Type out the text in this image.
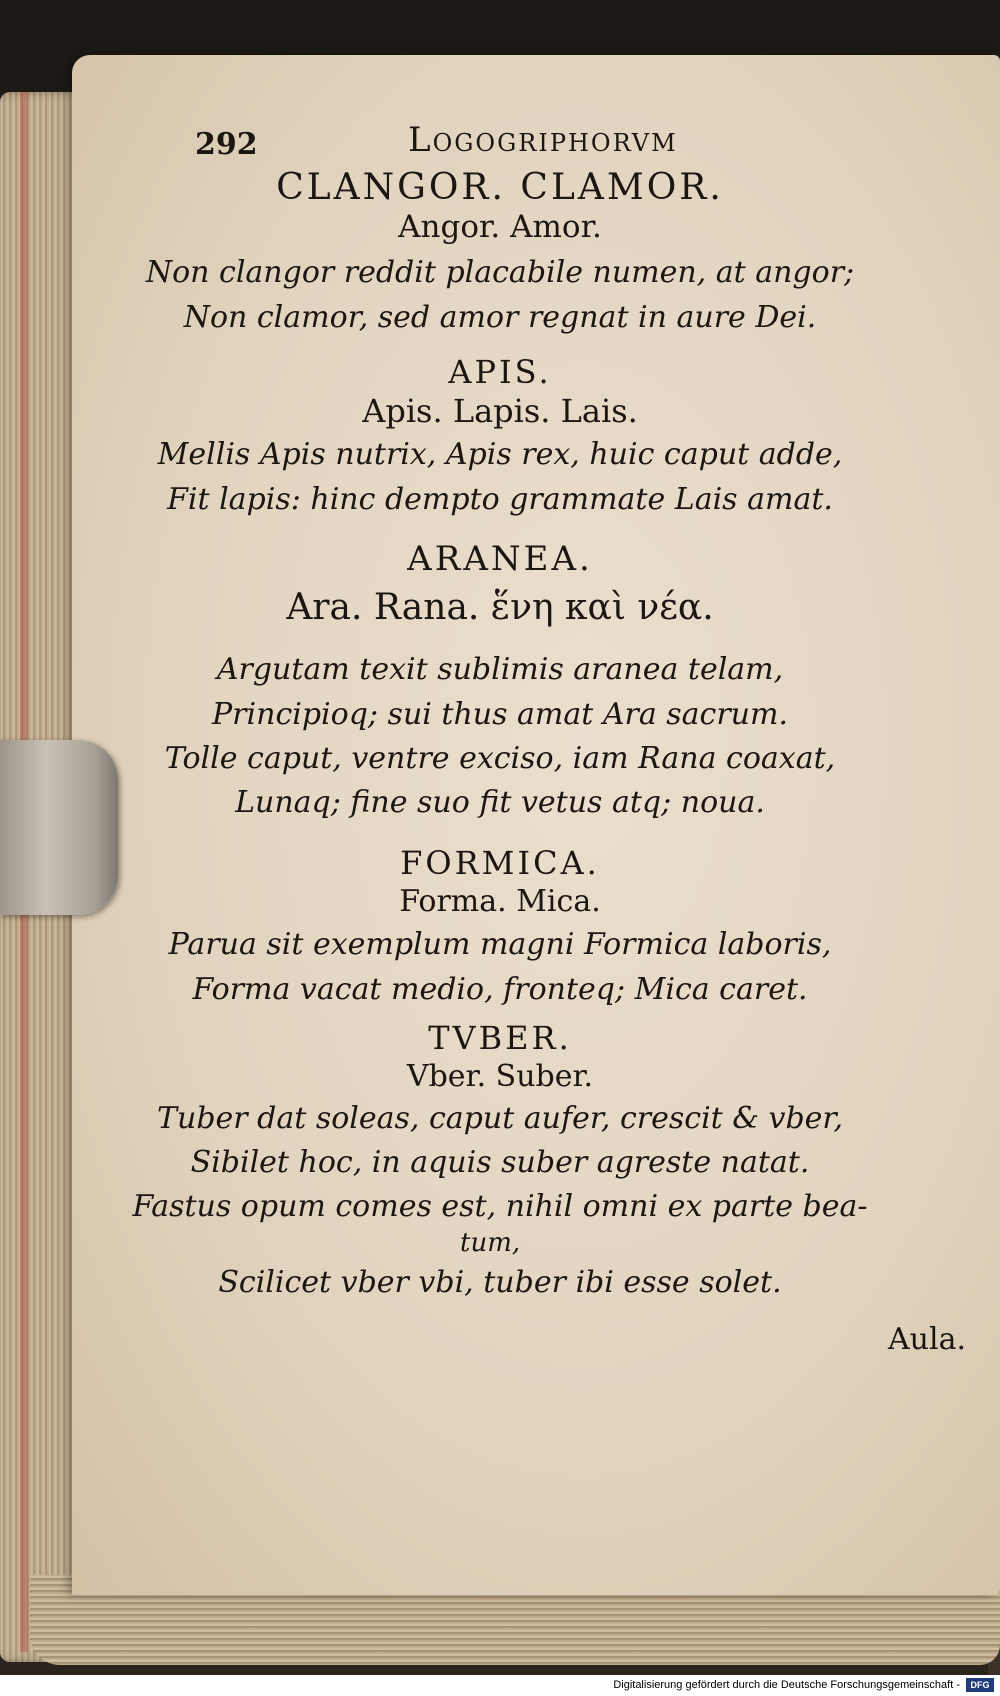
292	Logogriphorvm
CLANGOR. CLAMOR.
Angor. Amor.
Non clangor reddit placabile numen, at angor;
Non clamor, sed amor regnat in aure Dei.
APIS.
Apis. Lapis. Lais.
Mellis Apis nutrix, Apis rex, huic caput adde,
Fit lapis: hinc dempto grammate Lais amat.
ARANEA.
Ara. Rana. ἕνη καὶ νέα.
Argutam texit sublimis aranea telam,
Principioq; sui thus amat Ara sacrum.
Tolle caput, ventre exciso, iam Rana coaxat,
Lunaq; fine suo fit vetus atq; noua.
FORMICA.
Forma. Mica.
Parua sit exemplum magni Formica laboris,
Forma vacat medio, fronteq; Mica caret.
TVBER.
Vber. Suber.
Tuber dat soleas, caput aufer, crescit & vber,
Sibilet hoc, in aquis suber agreste natat.
Fastus opum comes est, nihil omni ex parte bea-
tum,
Scilicet vber vbi, tuber ibi esse solet.
Aula.
Digitalisierung gefördert durch die Deutsche Forschungsgemeinschaft -	DFG
